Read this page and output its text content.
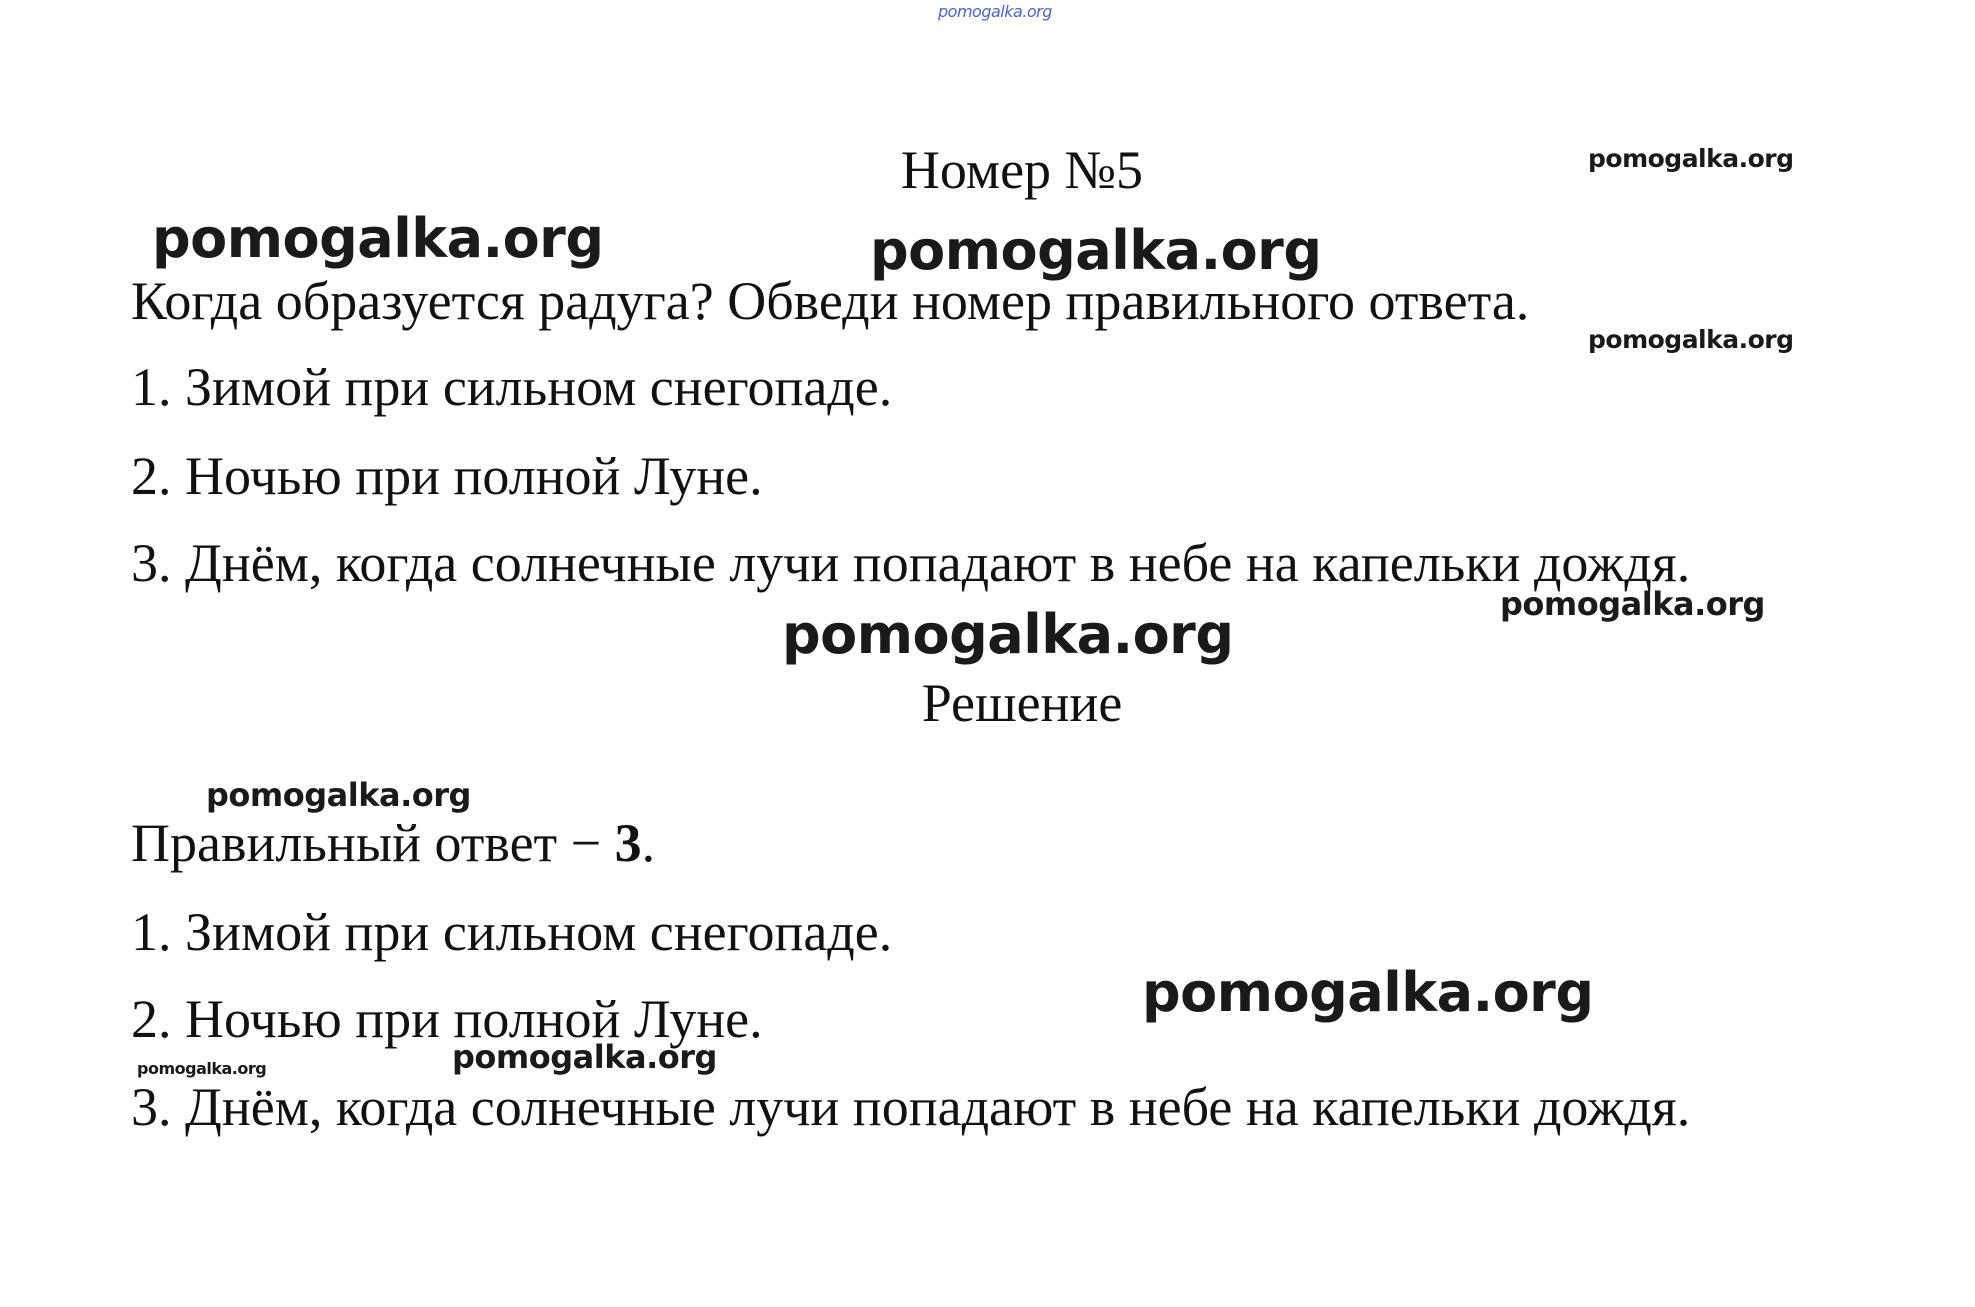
pomogalka.org
Номер №5	pomogalka.org
pomogalka.org	pomogalka.org
Когда образуется радуга? Обведи номер правильного ответа.
pomogalka.org
1. Зимой при сильном снегопаде.
2. Ночью при полной Луне.
3. Днём, когда солнечные лучи попадают в небе на капельки дождя.
pomogalka.org
pomogalka.org
Решение
pomogalka.org
Правильный ответ − 3.
1. Зимой при сильном снегопаде.
pomogalka.org
2. Ночью при полной Луне.
pomogalka.org
pomogalka.org
3. Днём, когда солнечные лучи попадают в небе на капельки дождя.
